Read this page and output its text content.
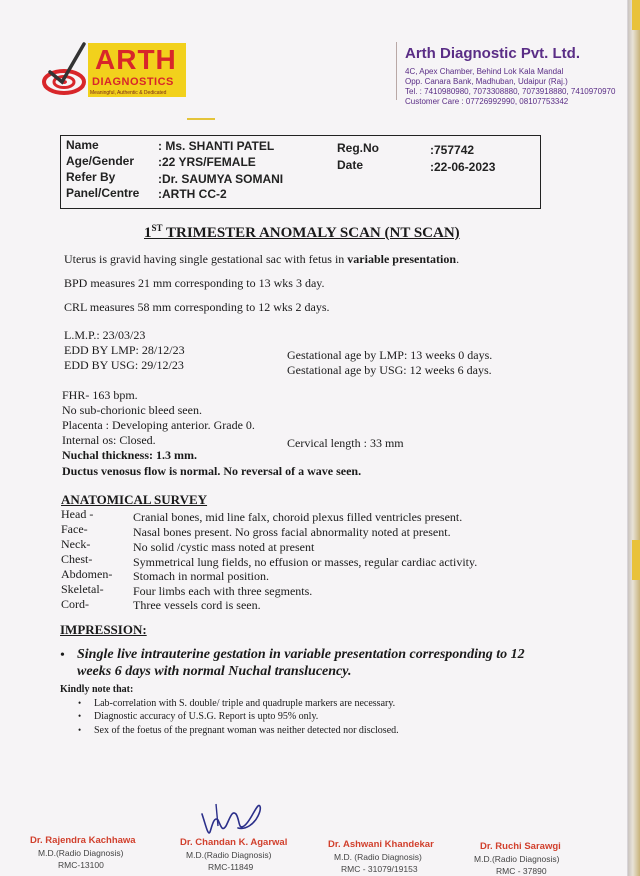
ARTH
DIAGNOSTICS
Meaningful, Authentic & Dedicated
Arth Diagnostic Pvt. Ltd.
4C, Apex Chamber, Behind Lok Kala Mandal
Opp. Canara Bank, Madhuban, Udaipur (Raj.)
Tel. : 7410980980, 7073308880, 7073918880, 7410970970
Customer Care : 07726992990, 08107753342
Name	: Ms. SHANTI PATEL
Age/Gender :22 YRS/FEMALE
Refer By	:Dr. SAUMYA SOMANI
Panel/Centre :ARTH CC-2
Reg.No	:757742
Date	:22-06-2023
1ST TRIMESTER ANOMALY SCAN (NT SCAN)
Uterus is gravid having single gestational sac with fetus in variable presentation.
BPD measures 21 mm corresponding to 13 wks 3 day.
CRL measures 58 mm corresponding to 12 wks 2 days.
L.M.P.: 23/03/23
EDD BY LMP: 28/12/23
EDD BY USG: 29/12/23
Gestational age by LMP: 13 weeks 0 days.
Gestational age by USG: 12 weeks 6 days.
FHR- 163 bpm.
No sub-chorionic bleed seen.
Placenta : Developing anterior. Grade 0.
Internal os: Closed.	Cervical length : 33 mm
Nuchal thickness: 1.3 mm.
Ductus venosus flow is normal. No reversal of a wave seen.
ANATOMICAL SURVEY
Head -	Cranial bones, mid line falx, choroid plexus filled ventricles present.
Face-	Nasal bones present. No gross facial abnormality noted at present.
Neck-	No solid /cystic mass noted at present
Chest-	Symmetrical lung fields, no effusion or masses, regular cardiac activity.
Abdomen- Stomach in normal position.
Skeletal- Four limbs each with three segments.
Cord-	Three vessels cord is seen.
IMPRESSION:
• Single live intrauterine gestation in variable presentation corresponding to 12 weeks 6 days with normal Nuchal translucency.
Kindly note that:
• Lab-correlation with S. double/ triple and quadruple markers are necessary.
• Diagnostic accuracy of U.S.G. Report is upto 95% only.
• Sex of the foetus of the pregnant woman was neither detected nor disclosed.
Dr. Rajendra Kachhawa
M.D.(Radio Diagnosis)
RMC-13100
Dr. Chandan K. Agarwal
M.D.(Radio Diagnosis)
RMC-11849
Dr. Ashwani Khandekar
M.D. (Radio Diagnosis)
RMC - 31079/19153
Dr. Ruchi Sarawgi
M.D.(Radio Diagnosis)
RMC - 37890
